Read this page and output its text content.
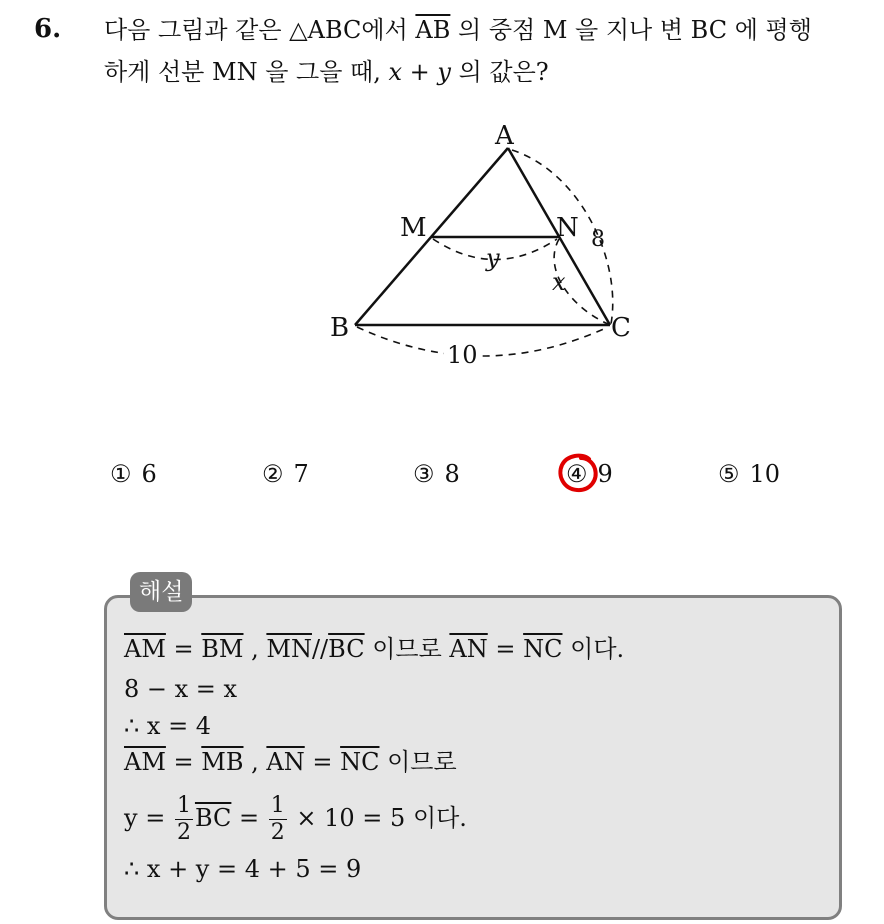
6. 다음 그림과 같은 △ABC에서 $\overline{AB}$ 의 중점 M 을 지나 변 BC 에 평행
하게 선분 MN 을 그을 때, x + y 의 값은?
A
M	N
B	C
8
y
x
10
① 6	② 7	③ 8	④ 9	⑤ 10
해설
$\overline{AM} = \overline{BM}$ , $\overline{MN}//\overline{BC}$ 이므로 $\overline{AN} = \overline{NC}$ 이다.
8 − x = x
∴ x = 4
$\overline{AM} = \overline{MB}$ , $\overline{AN} = \overline{NC}$ 이므로
$y = \frac{1}{2} \overline{BC} = \frac{1}{2} \times 10 = 5$ 이다.
∴ x + y = 4 + 5 = 9
